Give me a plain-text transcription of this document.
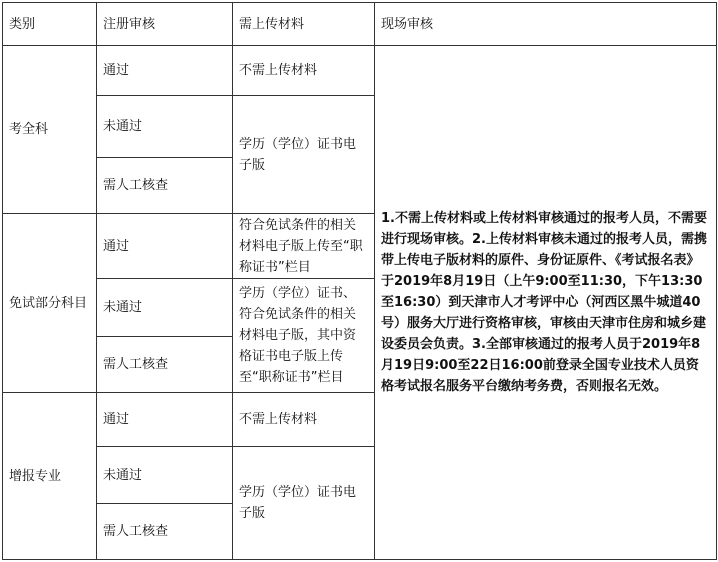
类别	注册审核	需上传材料	现场审核
考全科	通过	不需上传材料	1.不需上传材料或上传材料审核通过的报考人员，不需要进行现场审核。2.上传材料审核未通过的报考人员，需携带上传电子版材料的原件、身份证原件、《考试报名表》于2019年8月19日（上午9:00至11:30，下午13:30至16:30）到天津市人才考评中心（河西区黑牛城道40号）服务大厅进行资格审核，审核由天津市住房和城乡建设委员会负责。3.全部审核通过的报考人员于2019年8月19日9:00至22日16:00前登录全国专业技术人员资格考试报名服务平台缴纳考务费，否则报名无效。
	未通过	学历（学位）证书电子版	
	需人工核查		
免试部分科目	通过	符合免试条件的相关材料电子版上传至“职称证书”栏目	
	未通过	学历（学位）证书、符合免试条件的相关材料电子版，其中资格证书电子版上传至“职称证书”栏目	
	需人工核查		
增报专业	通过	不需上传材料	
	未通过	学历（学位）证书电子版	
	需人工核查		
